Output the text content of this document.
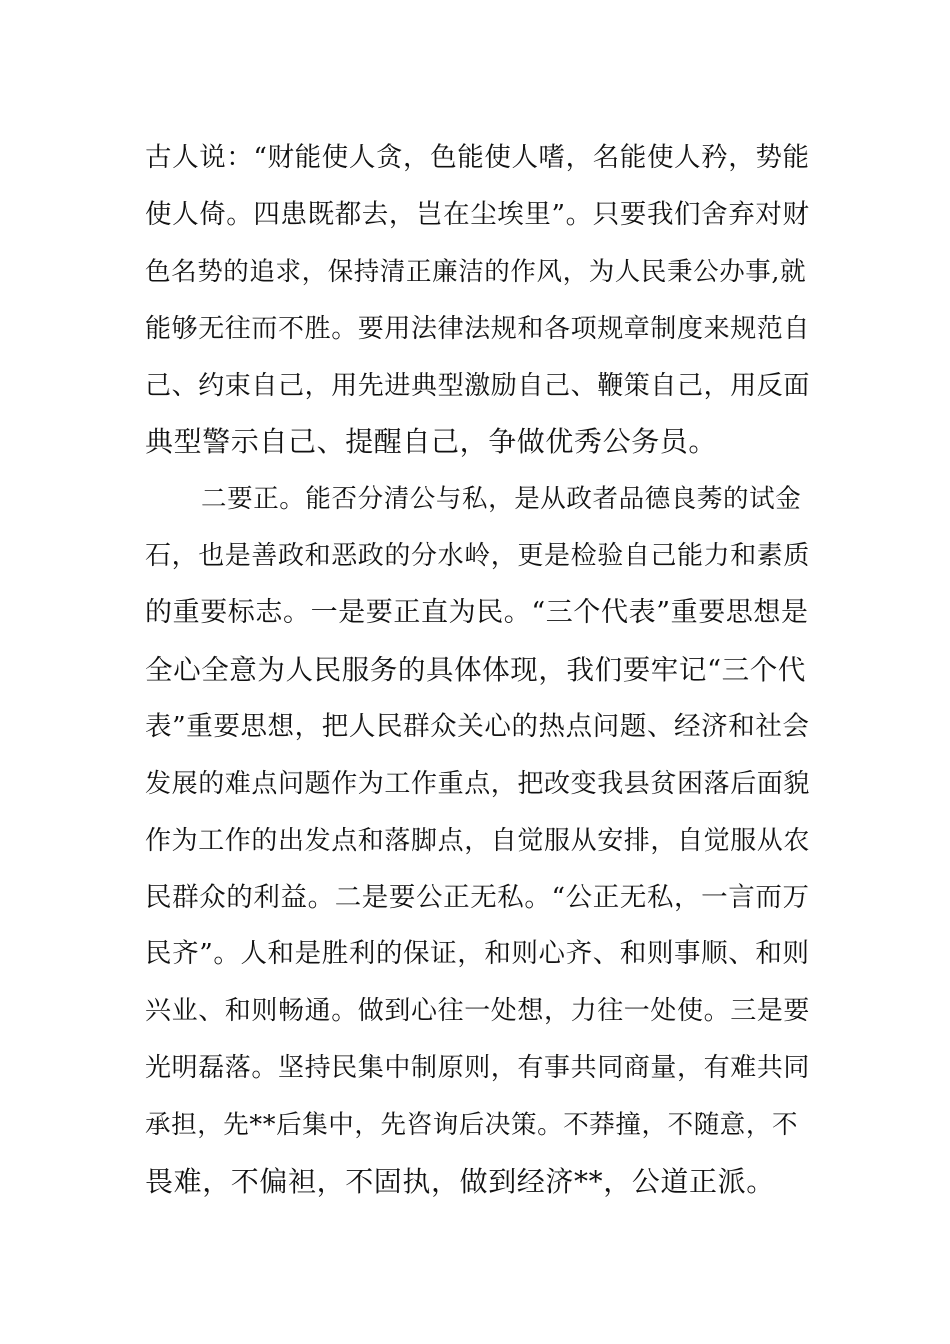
古人说：“财能使人贪，色能使人嗜，名能使人矜，势能
使人倚。四患既都去，岂在尘埃里”。只要我们舍弃对财
色名势的追求，保持清正廉洁的作风，为人民秉公办事,就
能够无往而不胜。要用法律法规和各项规章制度来规范自
己、约束自己，用先进典型激励自己、鞭策自己，用反面
典型警示自己、提醒自己，争做优秀公务员。
二要正。能否分清公与私，是从政者品德良莠的试金
石，也是善政和恶政的分水岭，更是检验自己能力和素质
的重要标志。一是要正直为民。“三个代表”重要思想是
全心全意为人民服务的具体体现，我们要牢记“三个代
表”重要思想，把人民群众关心的热点问题、经济和社会
发展的难点问题作为工作重点，把改变我县贫困落后面貌
作为工作的出发点和落脚点，自觉服从安排，自觉服从农
民群众的利益。二是要公正无私。“公正无私，一言而万
民齐”。人和是胜利的保证，和则心齐、和则事顺、和则
兴业、和则畅通。做到心往一处想，力往一处使。三是要
光明磊落。坚持民集中制原则，有事共同商量，有难共同
承担，先**后集中，先咨询后决策。不莽撞，不随意，不
畏难，不偏袒，不固执，做到经济**，公道正派。
